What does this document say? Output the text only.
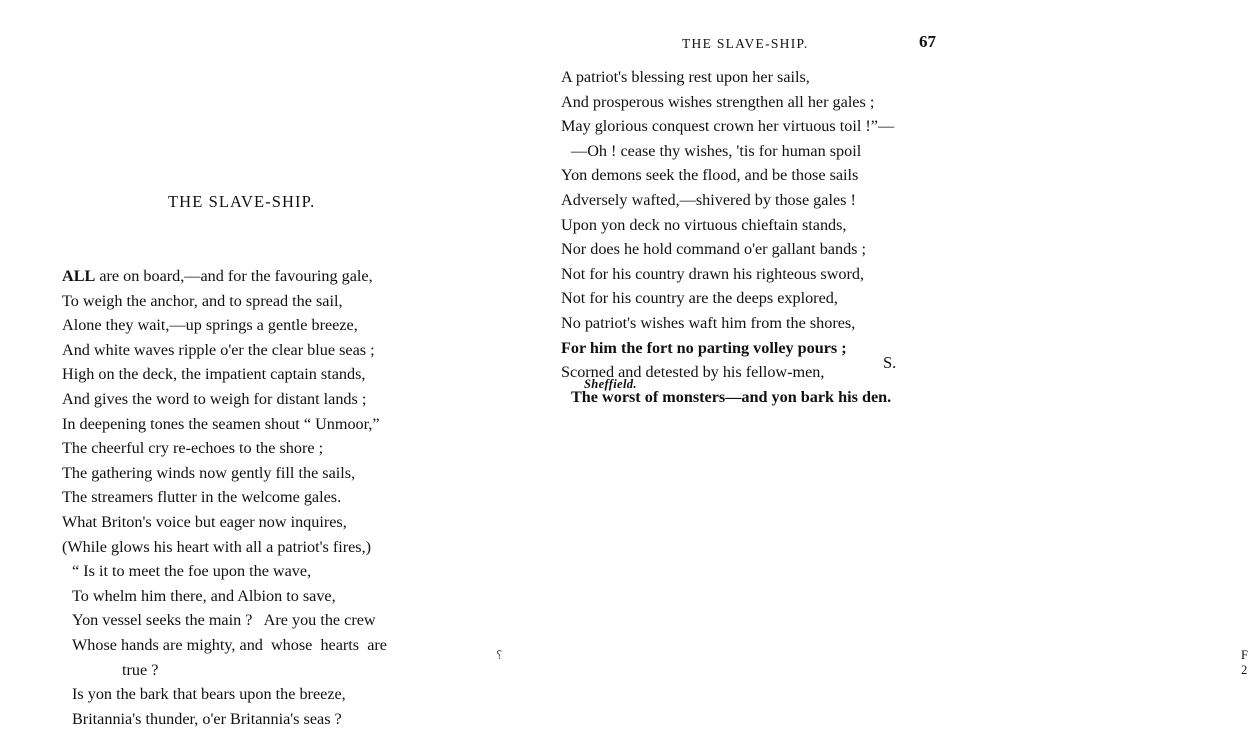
THE SLAVE-SHIP.
ALL are on board,—and for the favouring gale,
To weigh the anchor, and to spread the sail,
Alone they wait,—up springs a gentle breeze,
And white waves ripple o'er the clear blue seas ;
High on the deck, the impatient captain stands,
And gives the word to weigh for distant lands ;
In deepening tones the seamen shout “ Unmoor,”
The cheerful cry re-echoes to the shore ;
The gathering winds now gently fill the sails,
The streamers flutter in the welcome gales.
What Briton's voice but eager now inquires,
(While glows his heart with all a patriot's fires,)
“ Is it to meet the foe upon the wave,
To whelm him there, and Albion to save,
Yon vessel seeks the main ?   Are you the crew
Whose hands are mighty, and  whose  hearts  are
true ?
Is yon the bark that bears upon the breeze,
Britannia's thunder, o'er Britannia's seas ?
⸮
THE SLAVE-SHIP.	67
A patriot's blessing rest upon her sails,
And prosperous wishes strengthen all her gales ;
May glorious conquest crown her virtuous toil !”—
—Oh ! cease thy wishes, 'tis for human spoil
Yon demons seek the flood, and be those sails
Adversely wafted,—shivered by those gales !
Upon yon deck no virtuous chieftain stands,
Nor does he hold command o'er gallant bands ;
Not for his country drawn his righteous sword,
Not for his country are the deeps explored,
No patriot's wishes waft him from the shores,
For him the fort no parting volley pours ;
Scorned and detested by his fellow-men,
The worst of monsters—and yon bark his den.
S.
Sheffield.
F 2
